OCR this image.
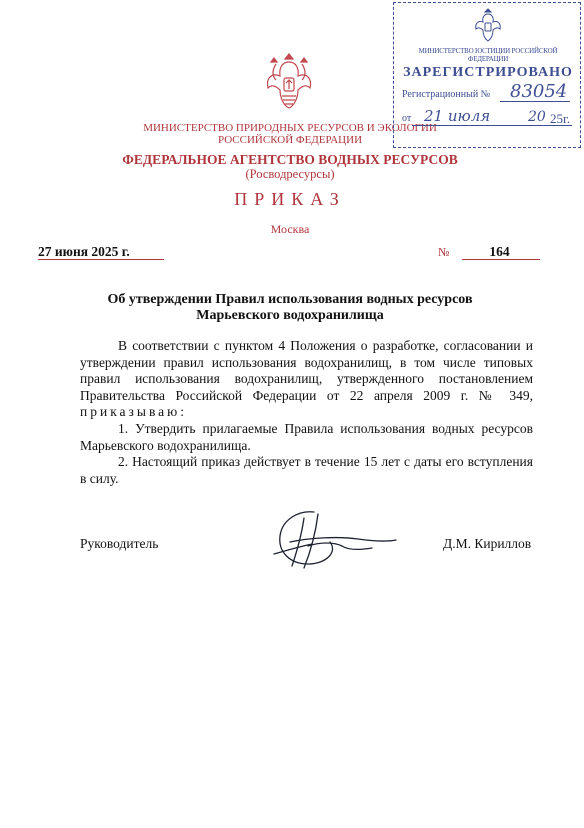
МИНИСТЕРСТВО ПРИРОДНЫХ РЕСУРСОВ И ЭКОЛОГИИ
РОССИЙСКОЙ ФЕДЕРАЦИИ
ФЕДЕРАЛЬНОЕ АГЕНТСТВО ВОДНЫХ РЕСУРСОВ
(Росводресурсы)
ПРИКАЗ
Москва
27 июня 2025 г.	№	164
Об утверждении Правил использования водных ресурсов
Марьевского водохранилища

В соответствии с пунктом 4 Положения о разработке, согласовании и утверждении правил использования водохранилищ, в том числе типовых правил использования водохранилищ, утвержденного постановлением Правительства Российской Федерации от 22 апреля 2009 г. № 349, приказываю:

1. Утвердить прилагаемые Правила использования водных ресурсов Марьевского водохранилища.

2. Настоящий приказ действует в течение 15 лет с даты его вступления в силу.

Руководитель	Д.М. Кириллов
МИНИСТЕРСТВО ЮСТИЦИИ РОССИЙСКОЙ ФЕДЕРАЦИИ
ЗАРЕГИСТРИРОВАНО
Регистрационный № 83054
от 21 июля	20 25г.
